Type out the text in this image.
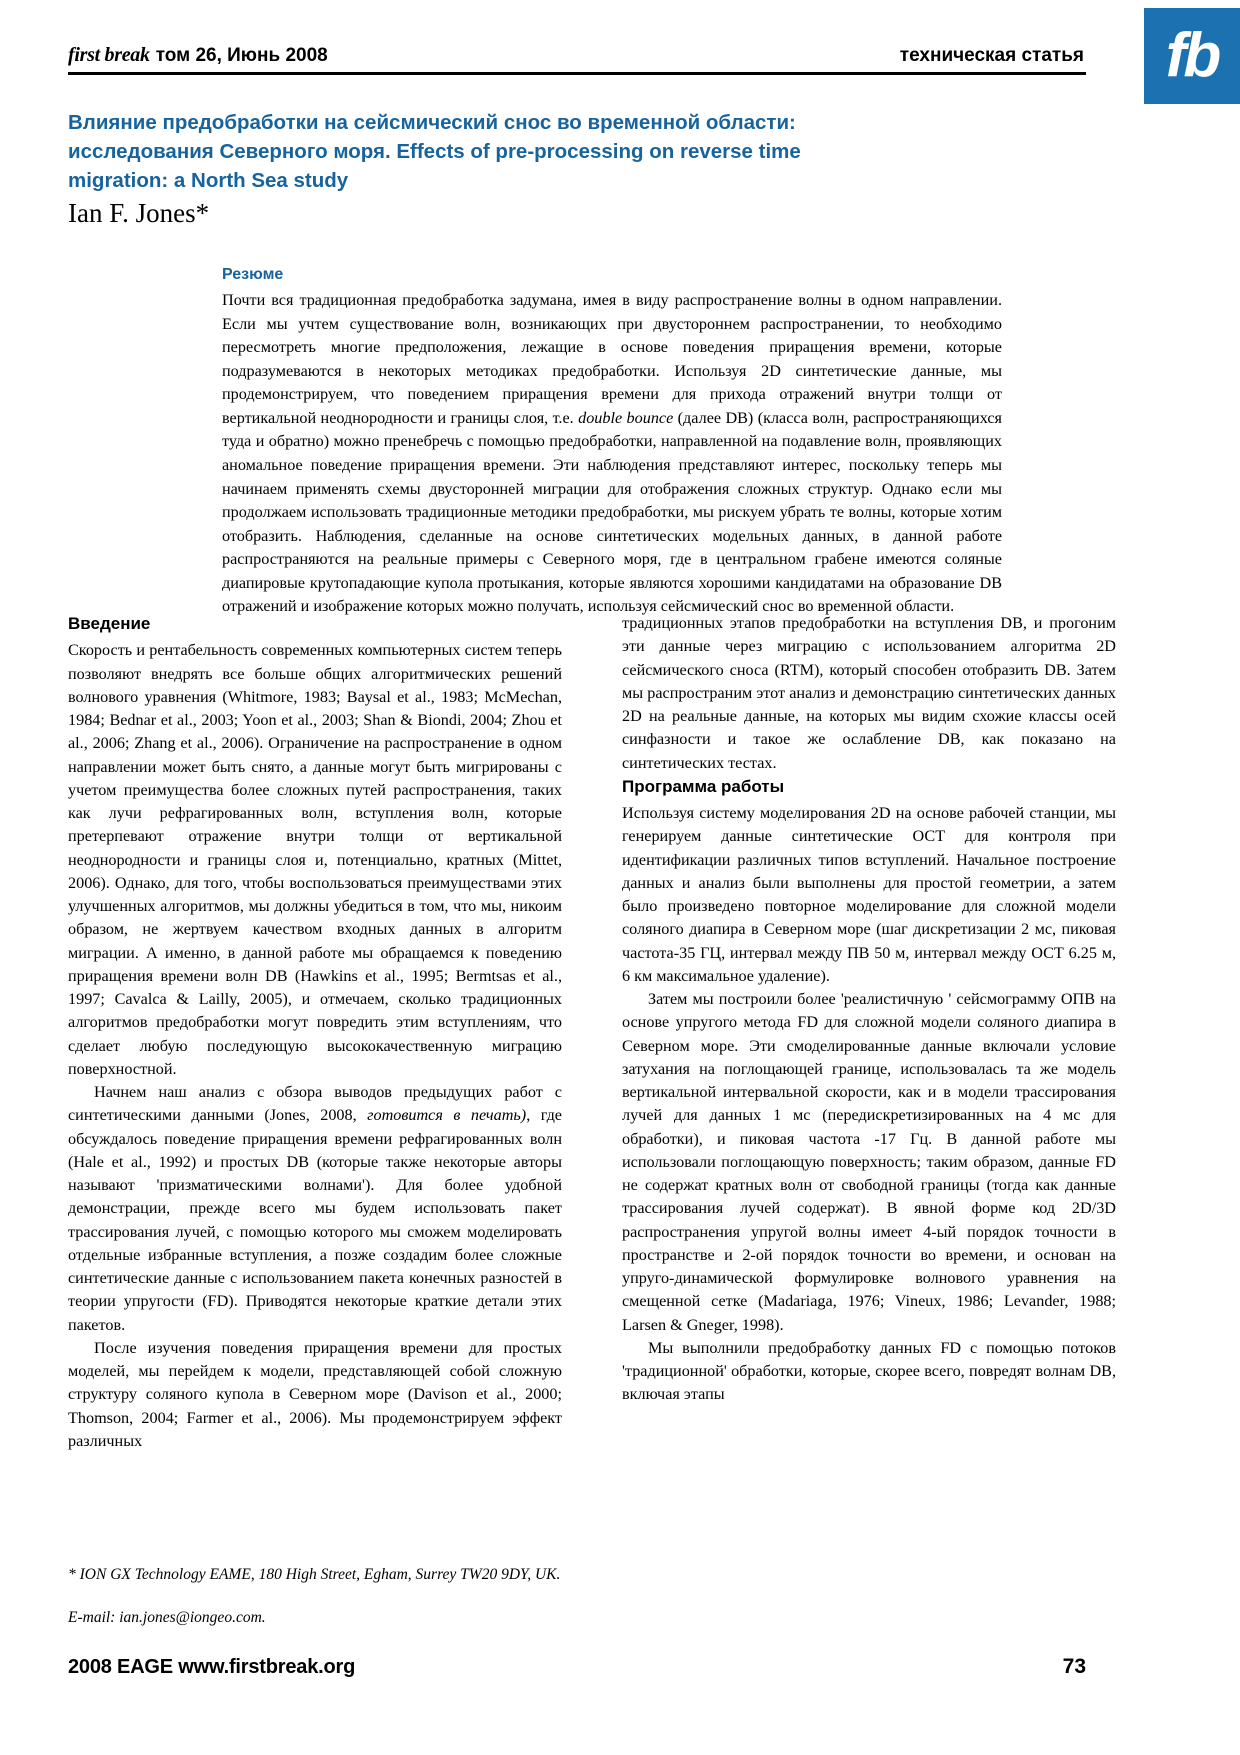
first break том 26, Июнь 2008	техническая статья	fb
Влияние предобработки на сейсмический снос во временной области: исследования Северного моря. Effects of pre-processing on reverse time migration: a North Sea study
Ian F. Jones*
Резюме
Почти вся традиционная предобработка задумана, имея в виду распространение волны в одном направлении. Если мы учтем существование волн, возникающих при двустороннем распространении, то необходимо пересмотреть многие предположения, лежащие в основе поведения приращения времени, которые подразумеваются в некоторых методиках предобработки. Используя 2D синтетические данные, мы продемонстрируем, что поведением приращения времени для прихода отражений внутри толщи от вертикальной неоднородности и границы слоя, т.е. double bounce (далее DB) (класса волн, распространяющихся туда и обратно) можно пренебречь с помощью предобработки, направленной на подавление волн, проявляющих аномальное поведение приращения времени. Эти наблюдения представляют интерес, поскольку теперь мы начинаем применять схемы двусторонней миграции для отображения сложных структур. Однако если мы продолжаем использовать традиционные методики предобработки, мы рискуем убрать те волны, которые хотим отобразить. Наблюдения, сделанные на основе синтетических модельных данных, в данной работе распространяются на реальные примеры с Северного моря, где в центральном грабене имеются соляные диапировые крутопадающие купола протыкания, которые являются хорошими кандидатами на образование DB отражений и изображение которых можно получать, используя сейсмический снос во временной области.
Введение

Скорость и рентабельность современных компьютерных систем теперь позволяют внедрять все больше общих алгоритмических решений волнового уравнения (Whitmore, 1983; Baysal et al., 1983; McMechan, 1984; Bednar et al., 2003; Yoon et al., 2003; Shan & Biondi, 2004; Zhou et al., 2006; Zhang et al., 2006). Ограничение на распространение в одном направлении может быть снято, а данные могут быть мигрированы с учетом преимущества более сложных путей распространения, таких как лучи рефрагированных волн, вступления волн, которые претерпевают отражение внутри толщи от вертикальной неоднородности и границы слоя и, потенциально, кратных (Mittet, 2006). Однако, для того, чтобы воспользоваться преимуществами этих улучшенных алгоритмов, мы должны убедиться в том, что мы, никоим образом, не жертвуем качеством входных данных в алгоритм миграции. А именно, в данной работе мы обращаемся к поведению приращения времени волн DB (Hawkins et al., 1995; Bermtsas et al., 1997; Cavalca & Lailly, 2005), и отмечаем, сколько традиционных алгоритмов предобработки могут повредить этим вступлениям, что сделает любую последующую высококачественную миграцию поверхностной.

Начнем наш анализ с обзора выводов предыдущих работ с синтетическими данными (Jones, 2008, готовится в печать), где обсуждалось поведение приращения времени рефрагированных волн (Hale et al., 1992) и простых DB (которые также некоторые авторы называют 'призматическими волнами'). Для более удобной демонстрации, прежде всего мы будем использовать пакет трассирования лучей, с помощью которого мы сможем моделировать отдельные избранные вступления, а позже создадим более сложные синтетические данные с использованием пакета конечных разностей в теории упругости (FD). Приводятся некоторые краткие детали этих пакетов.

После изучения поведения приращения времени для простых моделей, мы перейдем к модели, представляющей собой сложную структуру соляного купола в Северном море (Davison et al., 2000; Thomson, 2004; Farmer et al., 2006). Мы продемонстрируем эффект различных

традиционных этапов предобработки на вступления DB, и прогоним эти данные через миграцию с использованием алгоритма 2D сейсмического сноса (RTM), который способен отобразить DB. Затем мы распространим этот анализ и демонстрацию синтетических данных 2D на реальные данные, на которых мы видим схожие классы осей синфазности и такое же ослабление DB, как показано на синтетических тестах.

Программа работы

Используя систему моделирования 2D на основе рабочей станции, мы генерируем данные синтетические ОСТ для контроля при идентификации различных типов вступлений. Начальное построение данных и анализ были выполнены для простой геометрии, а затем было произведено повторное моделирование для сложной модели соляного диапира в Северном море (шаг дискретизации 2 мс, пиковая частота-35 ГЦ, интервал между ПВ 50 м, интервал между ОСТ 6.25 м, 6 км максимальное удаление).

Затем мы построили более 'реалистичную ' сейсмограмму ОПВ на основе упругого метода FD для сложной модели соляного диапира в Северном море. Эти смоделированные данные включали условие затухания на поглощающей границе, использовалась та же модель вертикальной интервальной скорости, как и в модели трассирования лучей для данных 1 мс (передискретизированных на 4 мс для обработки), и пиковая частота -17 Гц. В данной работе мы использовали поглощающую поверхность; таким образом, данные FD не содержат кратных волн от свободной границы (тогда как данные трассирования лучей содержат). В явной форме код 2D/3D распространения упругой волны имеет 4-ый порядок точности в пространстве и 2-ой порядок точности во времени, и основан на упруго-динамической формулировке волнового уравнения на смещенной сетке (Madariaga, 1976; Vineux, 1986; Levander, 1988; Larsen & Gneger, 1998).

Мы выполнили предобработку данных FD с помощью потоков 'традиционной' обработки, которые, скорее всего, повредят волнам DB, включая этапы

* ION GX Technology EAME, 180 High Street, Egham, Surrey TW20 9DY, UK.
E-mail: ian.jones@iongeo.com.
2008 EAGE www.firstbreak.org	73
